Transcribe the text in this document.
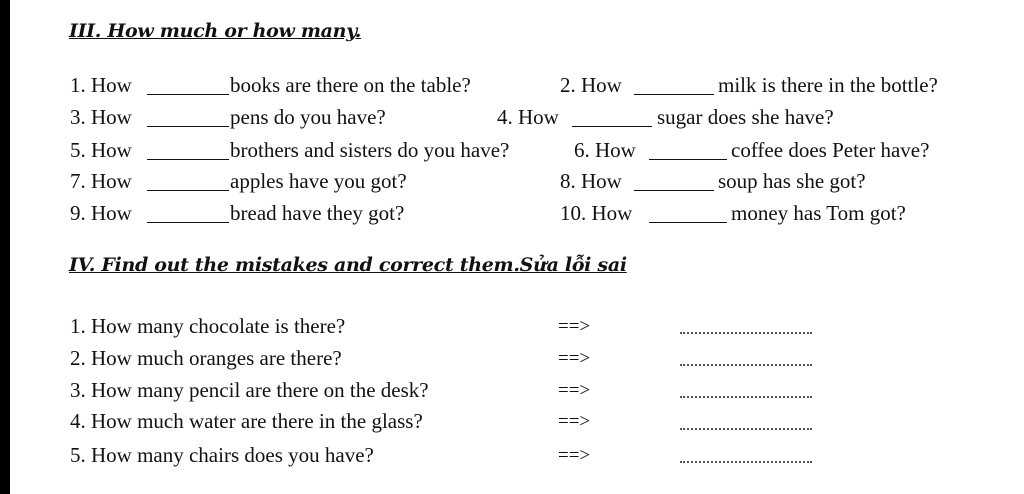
III. How much or how many.
1. How	books are there on the table?	2. How	milk is there in the bottle?
3. How	pens do you have?	4. How	sugar does she have?
5. How	brothers and sisters do you have?	6. How	coffee does Peter have?
7. How	apples have you got?	8. How	soup has she got?
9. How	bread have they got?	10. How	money has Tom got?
IV. Find out the mistakes and correct them.Sửa lỗi sai
1. How many chocolate is there?	==>
2. How much oranges are there?	==>
3. How many pencil are there on the desk?	==>
4. How much water are there in the glass?	==>
5. How many chairs does you have?	==>
